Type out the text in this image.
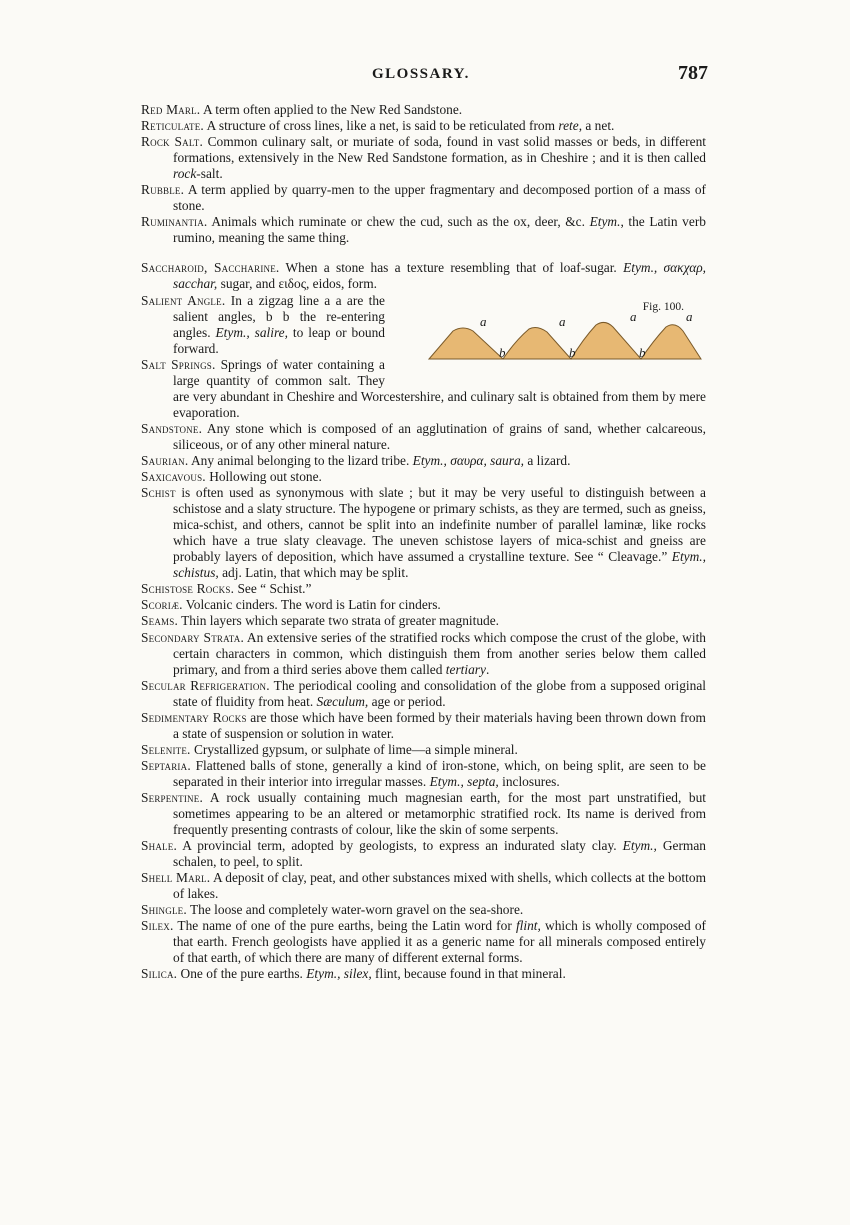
GLOSSARY.	787

Red Marl. A term often applied to the New Red Sandstone.

Reticulate. A structure of cross lines, like a net, is said to be reticulated from rete, a net.

Rock Salt. Common culinary salt, or muriate of soda, found in vast solid masses or beds, in different formations, extensively in the New Red Sandstone formation, as in Cheshire ; and it is then called rock-salt.

Rubble. A term applied by quarry-men to the upper fragmentary and decomposed portion of a mass of stone.

Ruminantia. Animals which ruminate or chew the cud, such as the ox, deer, &c. Etym., the Latin verb rumino, meaning the same thing.

Saccharoid, Saccharine. When a stone has a texture resembling that of loaf-sugar. Etym., σακχαρ, sacchar, sugar, and ειδος, eidos, form.

Fig. 100.
a	a	a	a
b	b	b

Salient Angle. In a zigzag line a a are the salient angles, b b the re-entering angles. Etym., salire, to leap or bound forward.

Salt Springs. Springs of water containing a large quantity of common salt. They are very abundant in Cheshire and Worcestershire, and culinary salt is obtained from them by mere evaporation.

Sandstone. Any stone which is composed of an agglutination of grains of sand, whether calcareous, siliceous, or of any other mineral nature.

Saurian. Any animal belonging to the lizard tribe. Etym., σαυρα, saura, a lizard.

Saxicavous. Hollowing out stone.

Schist is often used as synonymous with slate ; but it may be very useful to distinguish between a schistose and a slaty structure. The hypogene or primary schists, as they are termed, such as gneiss, mica-schist, and others, cannot be split into an indefinite number of parallel laminæ, like rocks which have a true slaty cleavage. The uneven schistose layers of mica-schist and gneiss are probably layers of deposition, which have assumed a crystalline texture. See “ Cleavage.” Etym., schistus, adj. Latin, that which may be split.

Schistose Rocks. See “ Schist.”

Scoriæ. Volcanic cinders. The word is Latin for cinders.

Seams. Thin layers which separate two strata of greater magnitude.

Secondary Strata. An extensive series of the stratified rocks which compose the crust of the globe, with certain characters in common, which distinguish them from another series below them called primary, and from a third series above them called tertiary.

Secular Refrigeration. The periodical cooling and consolidation of the globe from a supposed original state of fluidity from heat. Sæculum, age or period.

Sedimentary Rocks are those which have been formed by their materials having been thrown down from a state of suspension or solution in water.

Selenite. Crystallized gypsum, or sulphate of lime—a simple mineral.

Septaria. Flattened balls of stone, generally a kind of iron-stone, which, on being split, are seen to be separated in their interior into irregular masses. Etym., septa, inclosures.

Serpentine. A rock usually containing much magnesian earth, for the most part unstratified, but sometimes appearing to be an altered or metamorphic stratified rock. Its name is derived from frequently presenting contrasts of colour, like the skin of some serpents.

Shale. A provincial term, adopted by geologists, to express an indurated slaty clay. Etym., German schalen, to peel, to split.

Shell Marl. A deposit of clay, peat, and other substances mixed with shells, which collects at the bottom of lakes.

Shingle. The loose and completely water-worn gravel on the sea-shore.

Silex. The name of one of the pure earths, being the Latin word for flint, which is wholly composed of that earth. French geologists have applied it as a generic name for all minerals composed entirely of that earth, of which there are many of different external forms.

Silica. One of the pure earths. Etym., silex, flint, because found in that mineral.
